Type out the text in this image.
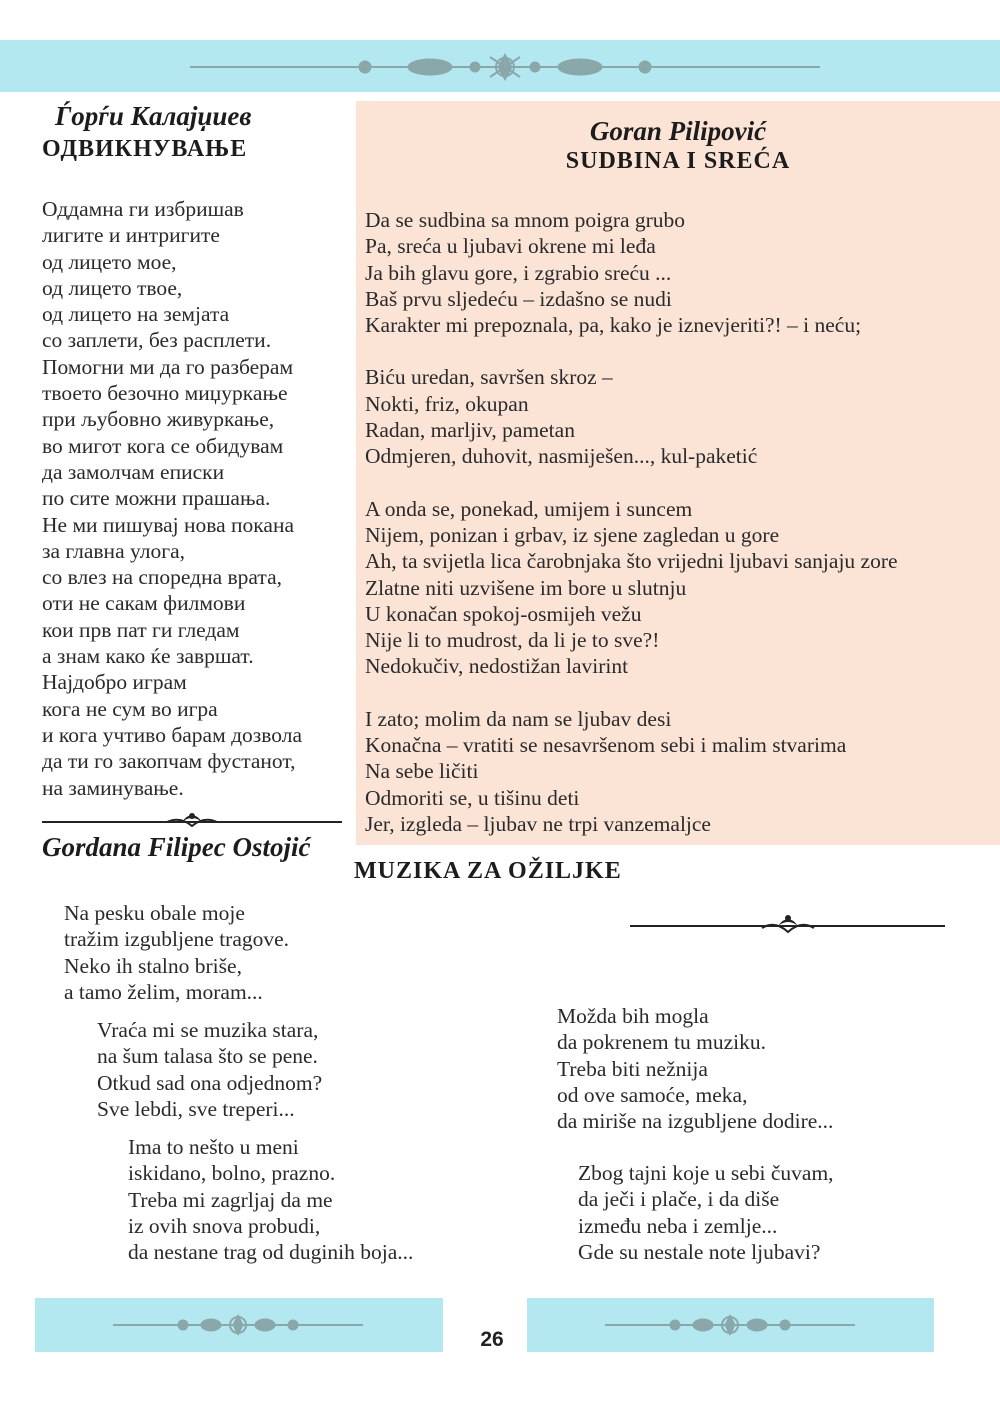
Ѓорѓи Калајџиев
ОДВИКНУВАЊЕ
Оддамна ги избришав
лигите и интригите
од лицето мое,
од лицето твое,
од лицето на земјата
со заплети, без расплети.
Помогни ми да го разберам
твоето безочно миџуркање
при љубовно живуркање,
во мигот кога се обидувам
да замолчам еписки
по сите можни прашања.
Не ми пишувај нова покана
за главна улога,
со влез на споредна врата,
оти не сакам филмови
кои прв пат ги гледам
а знам како ќе завршат.
Најдобро играм
кога не сум во игра
и кога учтиво барам дозвола
да ти го закопчам фустанот,
на заминување.
Goran Pilipović
SUDBINA I SREĆA
Da se sudbina sa mnom poigra grubo
Pa, sreća u ljubavi okrene mi leđa
Ja bih glavu gore, i zgrabio sreću ...
Baš prvu sljedeću – izdašno se nudi
Karakter mi prepoznala, pa, kako je iznevjeriti?! – i neću;
Biću uredan, savršen skroz –
Nokti, friz, okupan
Radan, marljiv, pametan
Odmjeren, duhovit, nasmiješen..., kul-paketić
A onda se, ponekad, umijem i suncem
Nijem, ponizan i grbav, iz sjene zagledan u gore
Ah, ta svijetla lica čarobnjaka što vrijedni ljubavi sanjaju zore
Zlatne niti uzvišene im bore u slutnju
U konačan spokoj-osmijeh vežu
Nije li to mudrost, da li je to sve?!
Nedokučiv, nedostižan lavirint
I zato; molim da nam se ljubav desi
Konačna – vratiti se nesavršenom sebi i malim stvarima
Na sebe ličiti
Odmoriti se, u tišinu deti
Jer, izgleda – ljubav ne trpi vanzemaljce
Gordana Filipec Ostojić
MUZIKA ZA OŽILJKE
Na pesku obale moje
tražim izgubljene tragove.
Neko ih stalno briše,
a tamo želim, moram...
Vraća mi se muzika stara,
na šum talasa što se pene.
Otkud sad ona odjednom?
Sve lebdi, sve treperi...
Ima to nešto u meni
iskidano, bolno, prazno.
Treba mi zagrljaj da me
iz ovih snova probudi,
da nestane trag od duginih boja...
Možda bih mogla
da pokrenem tu muziku.
Treba biti nežnija
od ove samoće, meka,
da miriše na izgubljene dodire...
Zbog tajni koje u sebi čuvam,
da ječi i plače, i da diše
između neba i zemlje...
Gde su nestale note ljubavi?
26
